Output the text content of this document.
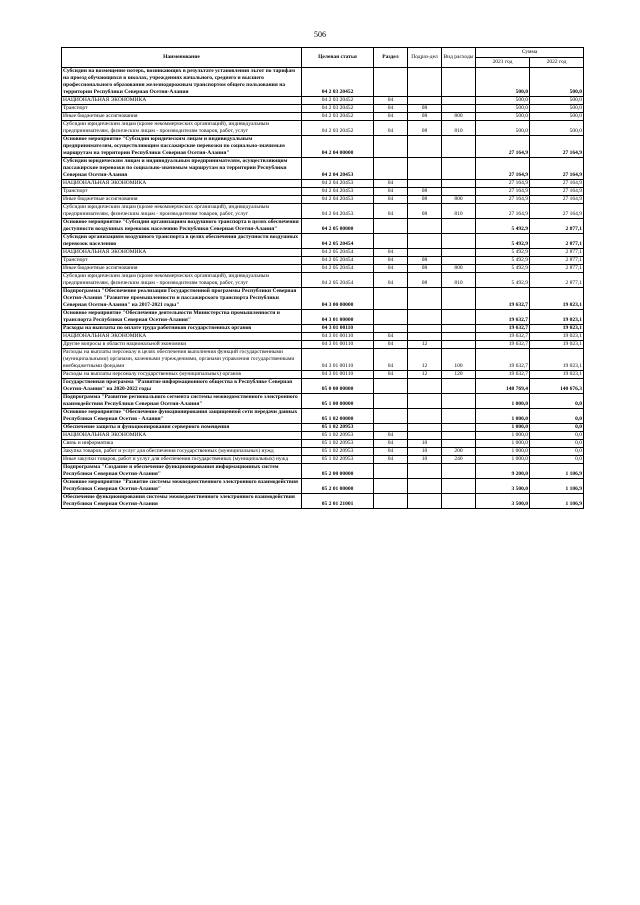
506
Наименование	Целевая статья	Раздел	Подраз-дел	Вид расходы	Сумма	
					2021 год	2022 год
Субсидии на возмещение потерь, возникающих в результате установления льгот по тарифам на проезд обучающихся в школах, учреждениях начального, среднего и высшего профессионального образования железнодорожным транспортом общего пользования на территории Республики Северная Осетия-Алания	04 2 03 20452				500,0	500,0
НАЦИОНАЛЬНАЯ ЭКОНОМИКА	04 2 03 20452	04			500,0	500,0
Транспорт	04 2 03 20452	04	08		500,0	500,0
Иные бюджетные ассигнования	04 2 03 20452	04	08	800	500,0	500,0
Субсидии юридическим лицам (кроме некоммерческих организаций), индивидуальным предпринимателям, физическим лицам - производителям товаров, работ, услуг	04 2 03 20452	04	08	810	500,0	500,0
Основное мероприятие "Субсидии юридическим лицам и индивидуальным предпринимателям, осуществляющим пассажирские перевозки по социально-значимым маршрутам на территории Республики Северная Осетия-Алания"	04 2 04 00000				27 164,9	27 164,9
Субсидии юридическим лицам и индивидуальным предпринимателям, осуществляющим пассажирские перевозки по социально-значимым маршрутам на территории Республики Северная Осетия-Алания	04 2 04 20453				27 164,9	27 164,9
НАЦИОНАЛЬНАЯ ЭКОНОМИКА	04 2 04 20453	04			27 164,9	27 164,9
Транспорт	04 2 04 20453	04	08		27 164,9	27 164,9
Иные бюджетные ассигнования	04 2 04 20453	04	08	800	27 164,9	27 164,9
Субсидии юридическим лицам (кроме некоммерческих организаций), индивидуальным предпринимателям, физическим лицам - производителям товаров, работ, услуг	04 2 04 20453	04	08	810	27 164,9	27 164,9
Основное мероприятие "Субсидии организациям воздушного транспорта в целях обеспечения доступности воздушных перевозок населению Республики Северная Осетия-Алания"	04 2 05 00000				5 492,9	2 877,1
Субсидии организациям воздушного транспорта в целях обеспечения доступности воздушных перевозок населению	04 2 05 20454				5 492,9	2 877,1
НАЦИОНАЛЬНАЯ ЭКОНОМИКА	04 2 05 20454	04			5 492,9	2 877,1
Транспорт	04 2 05 20454	04	08		5 492,9	2 877,1
Иные бюджетные ассигнования	04 2 05 20454	04	08	800	5 492,9	2 877,1
Субсидии юридическим лицам (кроме некоммерческих организаций), индивидуальным предпринимателям, физическим лицам - производителям товаров, работ, услуг	04 2 05 20454	04	08	810	5 492,9	2 877,1
Подпрограмма "Обеспечение реализации Государственной программы Республики Северная Осетия-Алания "Развитие промышленности и пассажирского транспорта Республики Северная Осетия-Алания" на 2017-2021 годы"	04 3 00 00000				19 632,7	19 023,1
Основное мероприятие "Обеспечение деятельности Министерства промышленности и транспорта Республики Северная Осетия-Алания"	04 3 01 00000				19 632,7	19 023,1
Расходы на выплаты по оплате труда работников государственных органов	04 3 01 00110				19 632,7	19 023,1
НАЦИОНАЛЬНАЯ ЭКОНОМИКА	04 3 01 00110	04			19 632,7	19 023,1
Другие вопросы в области национальной экономики	04 3 01 00110	04	12		19 632,7	19 023,1
Расходы на выплаты персоналу в целях обеспечения выполнения функций государственными (муниципальными) органами, казенными учреждениями, органами управления государственными внебюджетными фондами	04 3 01 00110	04	12	100	19 632,7	19 023,1
Расходы на выплаты персоналу государственных (муниципальных) органов	04 3 01 00110	04	12	120	19 632,7	19 023,1
Государственная программа "Развитие информационного общества в Республике Северная Осетия-Алания" на 2020-2022 годы	05 0 00 00000				148 769,4	140 676,3
Подпрограмма "Развитие регионального сегмента системы межведомственного электронного взаимодействия Республики Северная Осетия-Алания"	05 1 00 00000				1 000,0	0,0
Основное мероприятие "Обеспечение функционирования защищенной сети передачи данных Республики Северная Осетия - Алания"	05 1 02 00000				1 000,0	0,0
Обеспечение защиты и функционирования серверного помещения	05 1 02 20953				1 000,0	0,0
НАЦИОНАЛЬНАЯ ЭКОНОМИКА	05 1 02 20953	04			1 000,0	0,0
Связь и информатика	05 1 02 20953	04	10		1 000,0	0,0
Закупка товаров, работ и услуг для обеспечения государственных (муниципальных) нужд	05 1 02 20953	04	10	200	1 000,0	0,0
Иные закупки товаров, работ и услуг для обеспечения государственных (муниципальных) нужд	05 1 02 20953	04	10	240	1 000,0	0,0
Подпрограмма "Создание и обеспечение функционирования информационных систем Республики Северная Осетия-Алания"	05 2 00 00000				9 200,0	1 106,9
Основное мероприятие "Развитие системы межведомственного электронного взаимодействия Республики Северная Осетия-Алания"	05 2 01 00000				3 500,0	1 106,9
Обеспечение функционирования системы межведомственного электронного взаимодействия Республики Северная Осетия-Алания	05 2 01 21001				3 500,0	1 106,9
